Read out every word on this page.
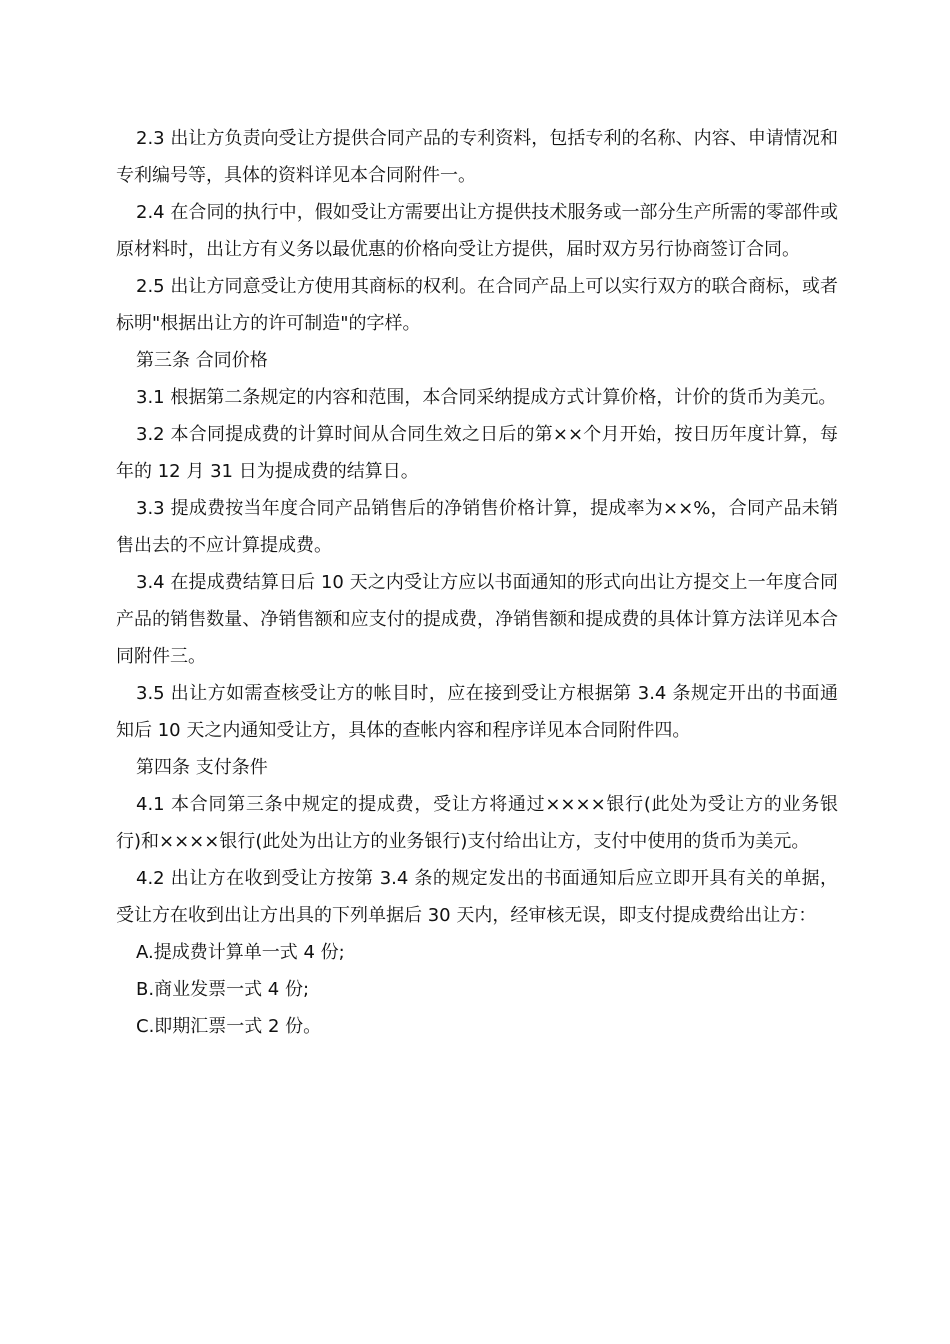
2.3 出让方负责向受让方提供合同产品的专利资料，包括专利的名称、内容、申请情况和专利编号等，具体的资料详见本合同附件一。

2.4 在合同的执行中，假如受让方需要出让方提供技术服务或一部分生产所需的零部件或原材料时，出让方有义务以最优惠的价格向受让方提供，届时双方另行协商签订合同。

2.5 出让方同意受让方使用其商标的权利。在合同产品上可以实行双方的联合商标，或者标明"根据出让方的许可制造"的字样。

第三条 合同价格

3.1 根据第二条规定的内容和范围，本合同采纳提成方式计算价格，计价的货币为美元。

3.2 本合同提成费的计算时间从合同生效之日后的第××个月开始，按日历年度计算，每年的 12 月 31 日为提成费的结算日。

3.3 提成费按当年度合同产品销售后的净销售价格计算，提成率为××%，合同产品未销售出去的不应计算提成费。

3.4 在提成费结算日后 10 天之内受让方应以书面通知的形式向出让方提交上一年度合同产品的销售数量、净销售额和应支付的提成费，净销售额和提成费的具体计算方法详见本合同附件三。

3.5 出让方如需查核受让方的帐目时，应在接到受让方根据第 3.4 条规定开出的书面通知后 10 天之内通知受让方，具体的查帐内容和程序详见本合同附件四。

第四条 支付条件

4.1 本合同第三条中规定的提成费，受让方将通过××××银行(此处为受让方的业务银行)和××××银行(此处为出让方的业务银行)支付给出让方，支付中使用的货币为美元。

4.2 出让方在收到受让方按第 3.4 条的规定发出的书面通知后应立即开具有关的单据，受让方在收到出让方出具的下列单据后 30 天内，经审核无误，即支付提成费给出让方：

A.提成费计算单一式 4 份;

B.商业发票一式 4 份;

C.即期汇票一式 2 份。
